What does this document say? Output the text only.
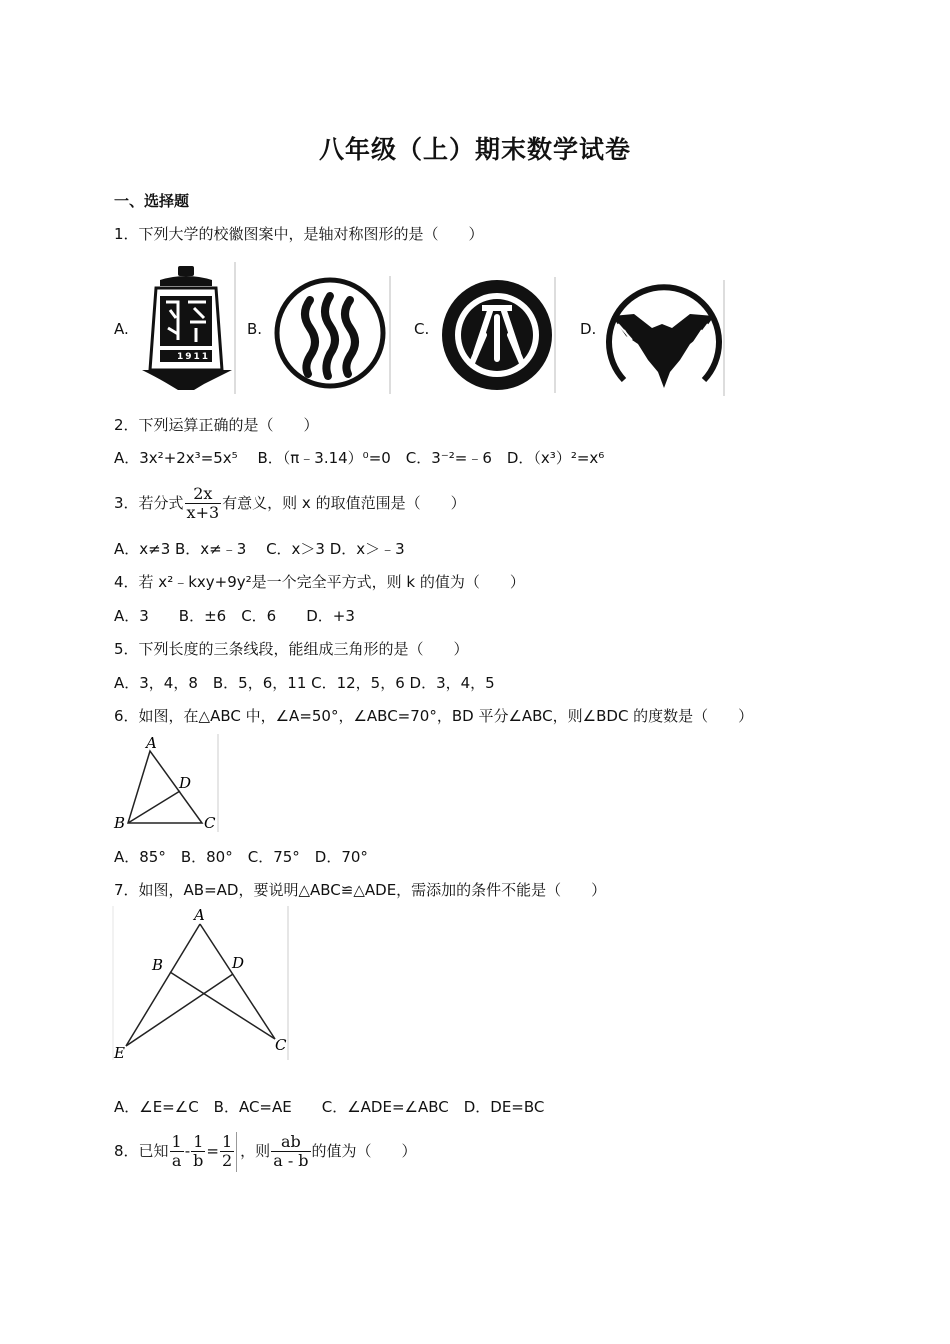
八年级（上）期末数学试卷
一、选择题
1．下列大学的校徽图案中，是轴对称图形的是（　　）
A.	B.	C.	D.
1911
2．下列运算正确的是（　　）
A．3x²+2x³=5x⁵　 B．（π﹣3.14）⁰=0　C．3⁻²=﹣6　D．（x³）²=x⁶
3．若分式 $\frac{2x}{x+3}$ 有意义，则 x 的取值范围是（　　）
A．x≠3 B．x≠﹣3　 C．x＞3 D．x＞﹣3
4．若 x²﹣kxy+9y²是一个完全平方式，则 k 的值为（　　）
A．3　　B．±6　C．6　　D．+3
5．下列长度的三条线段，能组成三角形的是（　　）
A．3，4，8　B．5，6，11 C．12，5，6 D．3，4，5
6．如图，在△ABC 中，∠A=50°，∠ABC=70°，BD 平分∠ABC，则∠BDC 的度数是（　　）
A
B	C
D
A．85°　B．80°　C．75°　D．70°
7．如图，AB=AD，要说明△ABC≌△ADE，需添加的条件不能是（　　）
A
B	D
E	C
A．∠E=∠C　B．AC=AE　　C．∠ADE=∠ABC　D．DE=BC
8．已知 $\frac{1}{a} - \frac{1}{b} = \frac{1}{2}$ ，则 $\frac{ab}{a - b}$ 的值为（　　）
